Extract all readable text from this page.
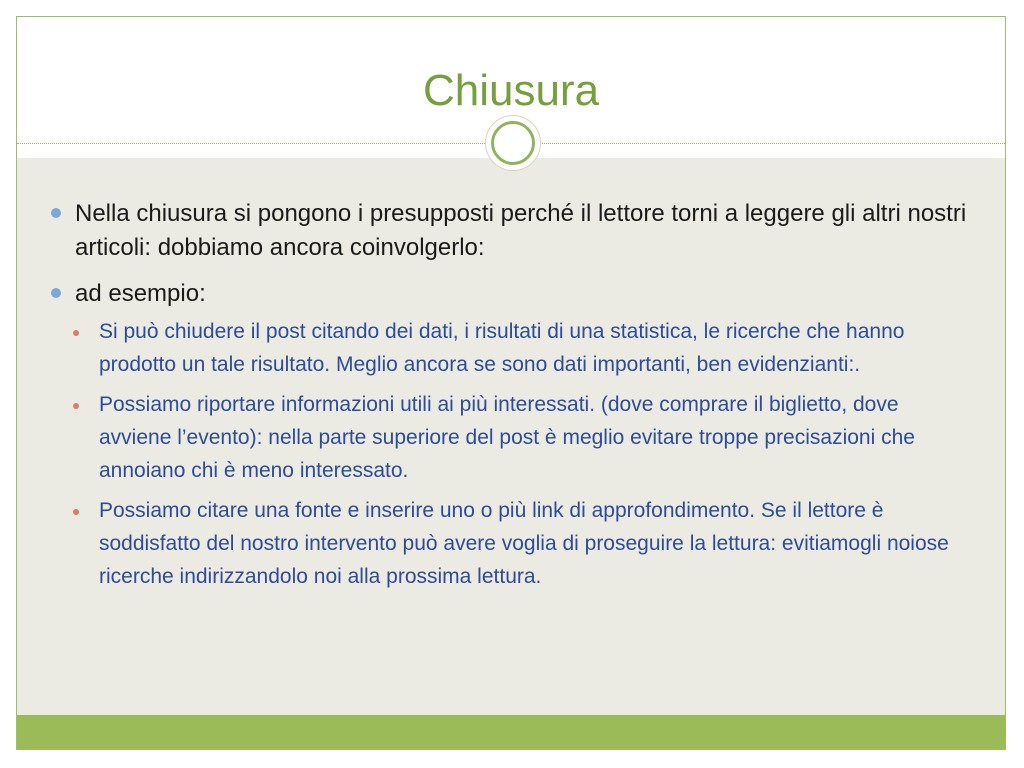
Chiusura
Nella chiusura si pongono i presupposti perché il lettore torni a leggere gli altri nostri articoli: dobbiamo ancora coinvolgerlo:
ad esempio:
Si può chiudere il post citando dei dati, i risultati di una statistica, le ricerche che hanno prodotto un tale risultato. Meglio ancora se sono dati importanti, ben evidenzianti:.
Possiamo riportare informazioni utili ai più interessati. (dove comprare il biglietto, dove avviene l’evento): nella parte superiore del post è meglio evitare troppe precisazioni che annoiano chi è meno interessato.
Possiamo citare una fonte e inserire uno o più link di approfondimento. Se il lettore è soddisfatto del nostro intervento può avere voglia di proseguire la lettura: evitiamogli noiose ricerche indirizzandolo noi alla prossima lettura.
